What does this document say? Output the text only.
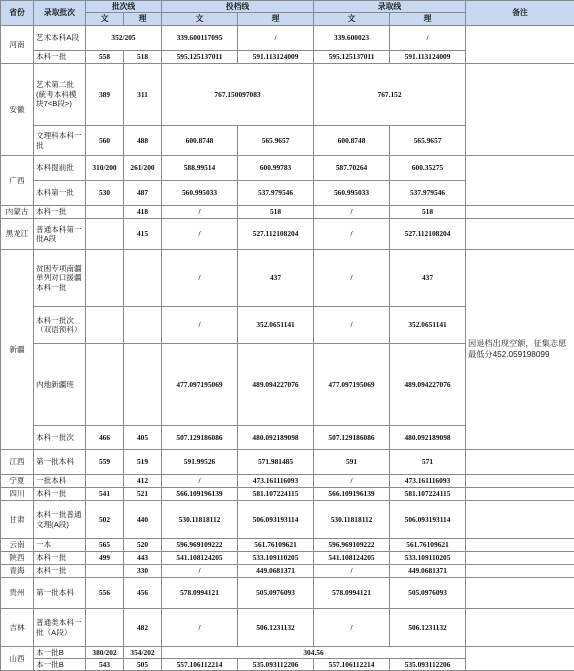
省份	录取批次	批次线		投档线		录取线		备注
		文	理	文	理	文	理	
河南	艺术本科A段	352/205		339.600117095	/	339.600023	/	
	本科一批	558	518	595.125137011	591.113124009	595.125137011	591.113124009	
安徽	艺术第二批(統考本科模块7<B段>)	389	311	767.150097083		767.152		
	文理科本科一批	560	488	600.8748	565.9657	600.8748	565.9657	
广西	本科提前批	310/200	261/200	588.99514	600.99783	587.70264	600.35275	
	本科第一批	530	487	560.995033	537.979546	560.995033	537.979546	
内蒙古	本科一批		418	/	518	/	518	
黑龙江	普通本科第一批A段		415	/	527.112108204	/	527.112108204	
新疆	贫困专项南疆单列对口援疆本科一批			/	437	/	437	因退档出现空额，征集志愿最低分452.059198099
	本科一批次（双语预科）			/	352.0651141	/	352.0651141	
	内地新疆班			477.097195069	489.094227076	477.097195069	489.094227076	
	本科一批次	466	405	507.129186086	480.092189098	507.129186086	480.092189098	
江西	第一批本科	559	519	591.99526	571.981485	591	571	
宁夏	一批本科		412	/	473.161116093	/	473.161116093	
四川	本科一批	541	521	566.109196139	581.107224115	566.109196139	581.107224115	
甘肃	本科一批普通文理(A段)	502	440	530.11818112	506.093193114	530.11818112	506.093193114	
云南	一本	565	520	596.969109222	561.76109621	596.969109222	561.76109621	
陕西	本科一批	499	443	541.108124205	533.109110205	541.108124205	533.109110205	
青海	本科一批		330	/	449.0681371	/	449.0681371	
贵州	第一批本科	556	456	578.0994121	505.0976093	578.0994121	505.0976093	
吉林	普通类本科一批（A段）		482	/	506.1231132	/	506.1231132	
山西	本一批B	380/202	354/202	304.56				
	本一批B	543	505	557.106112214	535.093112206	557.106112214	535.093112206	
